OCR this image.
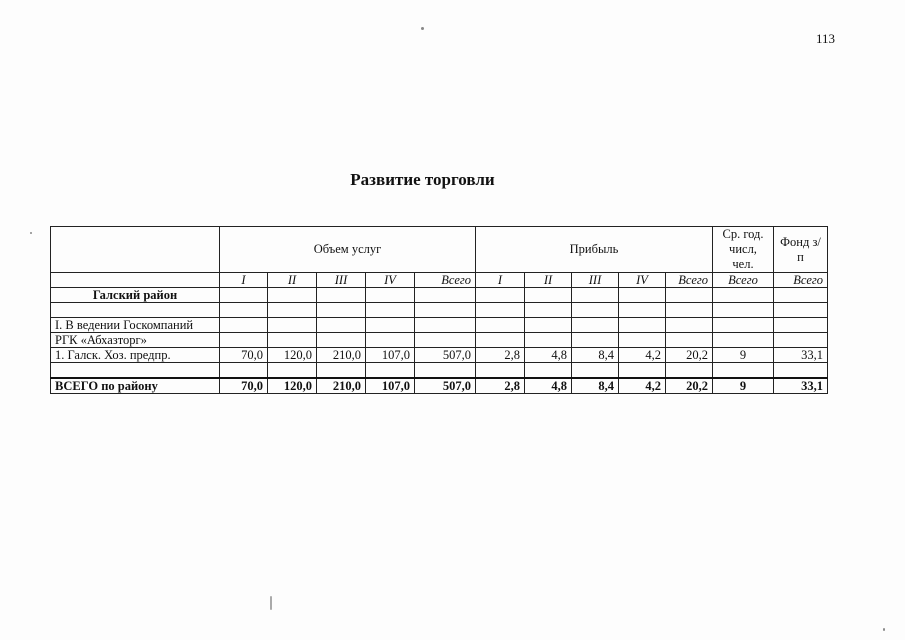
113
Развитие торговли
	Объем услуг					Прибыль					Ср. год. числ, чел.	Фонд з/п
	I	II	III	IV	Всего	I	II	III	IV	Всего	Всего	Всего
Галский район												

I. В ведении Госкомпаний												
РГК «Абхазторг»												
1. Галск. Хоз. предпр.	70,0	120,0	210,0	107,0	507,0	2,8	4,8	8,4	4,2	20,2	9	33,1

ВСЕГО по району	70,0	120,0	210,0	107,0	507,0	2,8	4,8	8,4	4,2	20,2	9	33,1
